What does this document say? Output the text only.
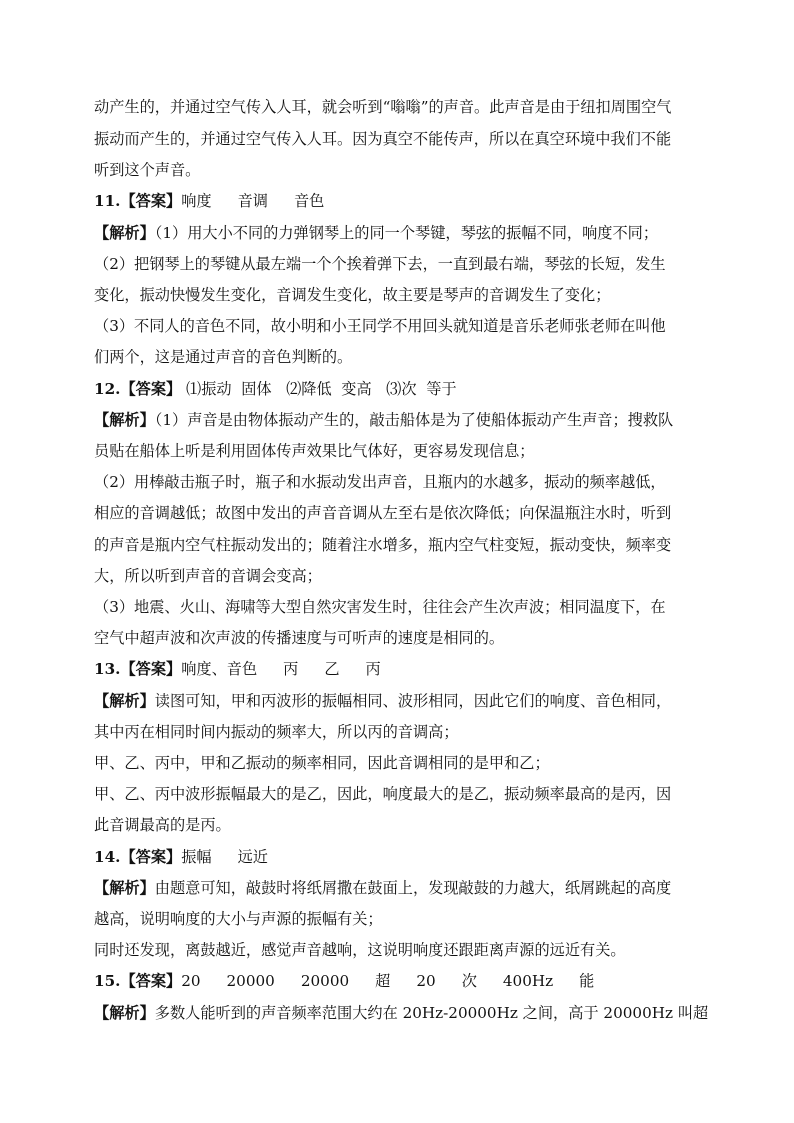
动产生的，并通过空气传入人耳，就会听到“嗡嗡”的声音。此声音是由于纽扣周围空气
振动而产生的，并通过空气传入人耳。因为真空不能传声，所以在真空环境中我们不能
听到这个声音。
11.【答案】响度 音调 音色
【解析】（1）用大小不同的力弹钢琴上的同一个琴键，琴弦的振幅不同，响度不同；
（2）把钢琴上的琴键从最左端一个个挨着弹下去，一直到最右端，琴弦的长短，发生
变化，振动快慢发生变化，音调发生变化，故主要是琴声的音调发生了变化；
（3）不同人的音色不同，故小明和小王同学不用回头就知道是音乐老师张老师在叫他
们两个，这是通过声音的音色判断的。
12.【答案】 ⑴振动  固体   ⑵降低  变高   ⑶次  等于
【解析】（1）声音是由物体振动产生的，敲击船体是为了使船体振动产生声音；搜救队
员贴在船体上听是利用固体传声效果比气体好，更容易发现信息；
（2）用棒敲击瓶子时，瓶子和水振动发出声音，且瓶内的水越多，振动的频率越低，
相应的音调越低；故图中发出的声音音调从左至右是依次降低；向保温瓶注水时，听到
的声音是瓶内空气柱振动发出的；随着注水增多，瓶内空气柱变短，振动变快，频率变
大，所以听到声音的音调会变高；
（3）地震、火山、海啸等大型自然灾害发生时，往往会产生次声波；相同温度下，在
空气中超声波和次声波的传播速度与可听声的速度是相同的。
13.【答案】响度、音色 丙 乙 丙
【解析】读图可知，甲和丙波形的振幅相同、波形相同，因此它们的响度、音色相同，
其中丙在相同时间内振动的频率大，所以丙的音调高；
甲、乙、丙中，甲和乙振动的频率相同，因此音调相同的是甲和乙；
甲、乙、丙中波形振幅最大的是乙，因此，响度最大的是乙，振动频率最高的是丙，因
此音调最高的是丙。
14.【答案】振幅 远近
【解析】由题意可知，敲鼓时将纸屑撒在鼓面上，发现敲鼓的力越大，纸屑跳起的高度
越高，说明响度的大小与声源的振幅有关；
同时还发现，离鼓越近，感觉声音越响，这说明响度还跟距离声源的远近有关。
15.【答案】20 20000 20000 超 20 次 400Hz 能
【解析】多数人能听到的声音频率范围大约在 20Hz-20000Hz 之间，高于 20000Hz 叫超
